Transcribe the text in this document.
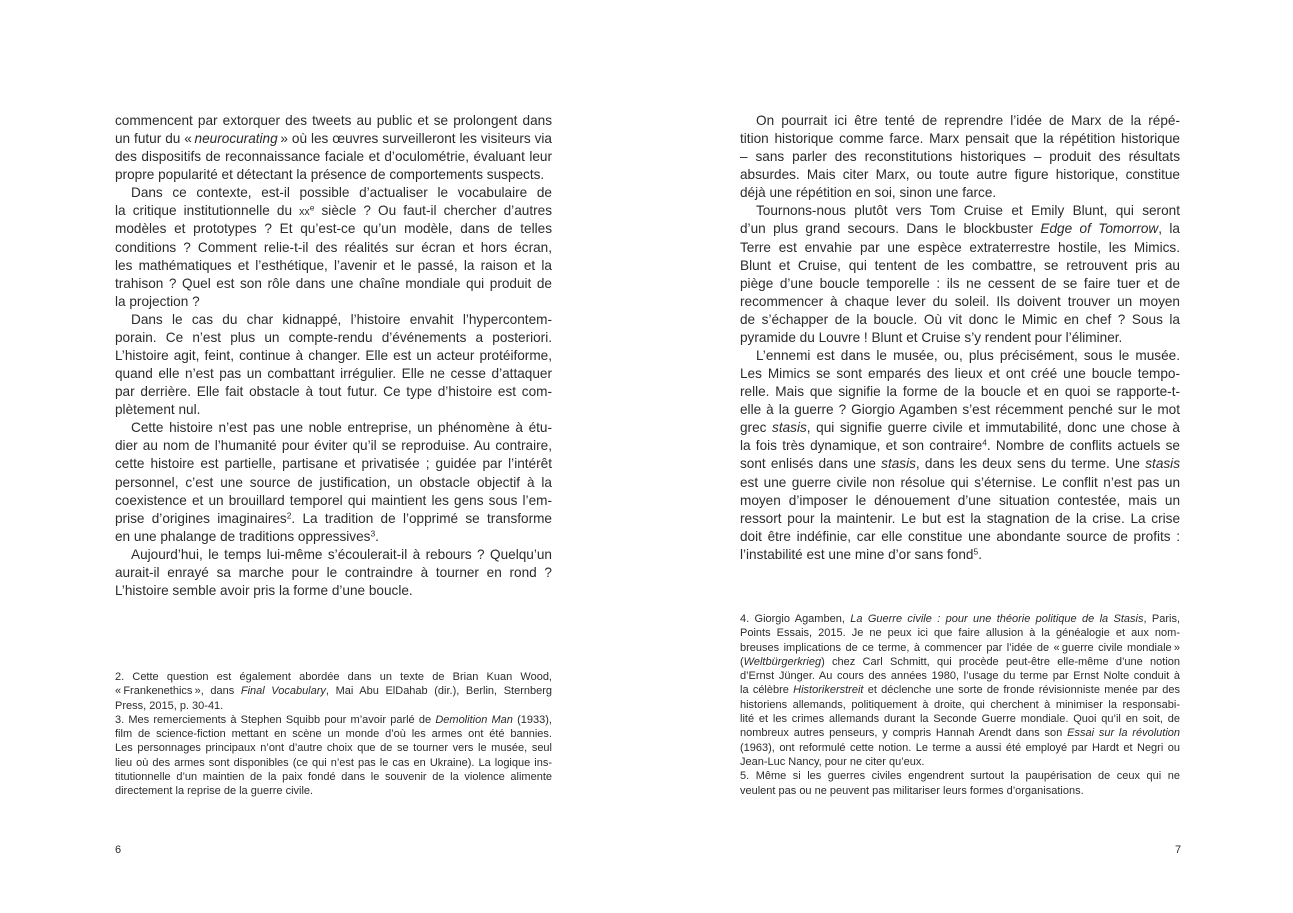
commencent par extorquer des tweets au public et se prolongent dans
un futur du « neurocurating » où les œuvres surveilleront les visiteurs via
des dispositifs de reconnaissance faciale et d’oculométrie, évaluant leur
propre popularité et détectant la présence de comportements suspects.
Dans ce contexte, est-il possible d’actualiser le vocabulaire de
la critique institutionnelle du $xx^e$ siècle ? Ou faut-il chercher d’autres
modèles et prototypes ? Et qu’est-ce qu’un modèle, dans de telles
conditions ? Comment relie-t-il des réalités sur écran et hors écran,
les mathématiques et l’esthétique, l’avenir et le passé, la raison et la
trahison ? Quel est son rôle dans une chaîne mondiale qui produit de
la projection ?
Dans le cas du char kidnappé, l’histoire envahit l’hypercontem-
porain. Ce n’est plus un compte-rendu d’événements a posteriori.
L’histoire agit, feint, continue à changer. Elle est un acteur protéiforme,
quand elle n’est pas un combattant irrégulier. Elle ne cesse d’attaquer
par derrière. Elle fait obstacle à tout futur. Ce type d’histoire est com-
plètement nul.
Cette histoire n’est pas une noble entreprise, un phénomène à étu-
dier au nom de l’humanité pour éviter qu’il se reproduise. Au contraire,
cette histoire est partielle, partisane et privatisée ; guidée par l’intérêt
personnel, c’est une source de justification, un obstacle objectif à la
coexistence et un brouillard temporel qui maintient les gens sous l’em-
prise d’origines imaginaires$^2$. La tradition de l’opprimé se transforme
en une phalange de traditions oppressives$^3$.
Aujourd’hui, le temps lui-même s’écoulerait-il à rebours ? Quelqu’un
aurait-il enrayé sa marche pour le contraindre à tourner en rond ?
L’histoire semble avoir pris la forme d’une boucle.
2. Cette question est également abordée dans un texte de Brian Kuan Wood,
« Frankenethics », dans Final Vocabulary, Mai Abu ElDahab (dir.), Berlin, Sternberg
Press, 2015, p. 30-41.
3. Mes remerciements à Stephen Squibb pour m’avoir parlé de Demolition Man (1933),
film de science-fiction mettant en scène un monde d’où les armes ont été bannies.
Les personnages principaux n’ont d’autre choix que de se tourner vers le musée, seul
lieu où des armes sont disponibles (ce qui n’est pas le cas en Ukraine). La logique ins-
titutionnelle d’un maintien de la paix fondé dans le souvenir de la violence alimente
directement la reprise de la guerre civile.
6
On pourrait ici être tenté de reprendre l’idée de Marx de la répé-
tition historique comme farce. Marx pensait que la répétition historique
– sans parler des reconstitutions historiques – produit des résultats
absurdes. Mais citer Marx, ou toute autre figure historique, constitue
déjà une répétition en soi, sinon une farce.
Tournons-nous plutôt vers Tom Cruise et Emily Blunt, qui seront
d’un plus grand secours. Dans le blockbuster Edge of Tomorrow, la
Terre est envahie par une espèce extraterrestre hostile, les Mimics.
Blunt et Cruise, qui tentent de les combattre, se retrouvent pris au
piège d’une boucle temporelle : ils ne cessent de se faire tuer et de
recommencer à chaque lever du soleil. Ils doivent trouver un moyen
de s’échapper de la boucle. Où vit donc le Mimic en chef ? Sous la
pyramide du Louvre ! Blunt et Cruise s’y rendent pour l’éliminer.
L’ennemi est dans le musée, ou, plus précisément, sous le musée.
Les Mimics se sont emparés des lieux et ont créé une boucle tempo-
relle. Mais que signifie la forme de la boucle et en quoi se rapporte-t-
elle à la guerre ? Giorgio Agamben s’est récemment penché sur le mot
grec stasis, qui signifie guerre civile et immutabilité, donc une chose à
la fois très dynamique, et son contraire$^4$. Nombre de conflits actuels se
sont enlisés dans une stasis, dans les deux sens du terme. Une stasis
est une guerre civile non résolue qui s’éternise. Le conflit n’est pas un
moyen d’imposer le dénouement d’une situation contestée, mais un
ressort pour la maintenir. Le but est la stagnation de la crise. La crise
doit être indéfinie, car elle constitue une abondante source de profits :
l’instabilité est une mine d’or sans fond$^5$.
4. Giorgio Agamben, La Guerre civile : pour une théorie politique de la Stasis, Paris,
Points Essais, 2015. Je ne peux ici que faire allusion à la généalogie et aux nom-
breuses implications de ce terme, à commencer par l’idée de « guerre civile mondiale »
(Weltbürgerkrieg) chez Carl Schmitt, qui procède peut-être elle-même d’une notion
d’Ernst Jünger. Au cours des années 1980, l’usage du terme par Ernst Nolte conduit à
la célèbre Historikerstreit et déclenche une sorte de fronde révisionniste menée par des
historiens allemands, politiquement à droite, qui cherchent à minimiser la responsabi-
lité et les crimes allemands durant la Seconde Guerre mondiale. Quoi qu’il en soit, de
nombreux autres penseurs, y compris Hannah Arendt dans son Essai sur la révolution
(1963), ont reformulé cette notion. Le terme a aussi été employé par Hardt et Negri ou
Jean-Luc Nancy, pour ne citer qu’eux.
5. Même si les guerres civiles engendrent surtout la paupérisation de ceux qui ne
veulent pas ou ne peuvent pas militariser leurs formes d’organisations.
7
